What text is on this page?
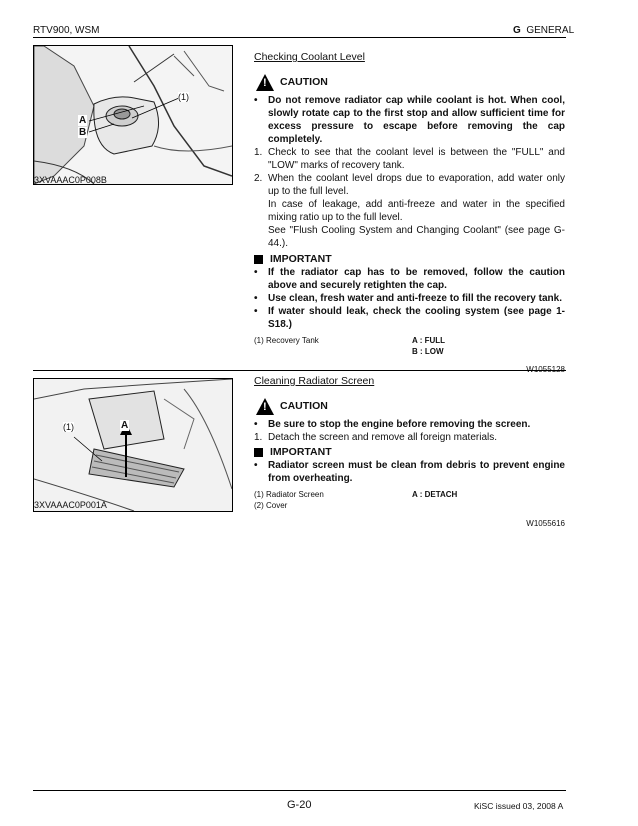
RTV900, WSM	G GENERAL
(1)
A
B
3XVAAAC0P008B
Checking Coolant Level
! CAUTION
• Do not remove radiator cap while coolant is hot. When cool, slowly rotate cap to the first stop and allow sufficient time for excess pressure to escape before removing the cap completely.
1. Check to see that the coolant level is between the "FULL" and "LOW" marks of recovery tank.
2. When the coolant level drops due to evaporation, add water only up to the full level.
In case of leakage, add anti-freeze and water in the specified mixing ratio up to the full level.
See "Flush Cooling System and Changing Coolant" (see page G-44.).
IMPORTANT
• If the radiator cap has to be removed, follow the caution above and securely retighten the cap.
• Use clean, fresh water and anti-freeze to fill the recovery tank.
• If water should leak, check the cooling system (see page 1-S18.)
(1) Recovery Tank	A : FULL
B : LOW
(1)	A
3XVAAAC0P001A
Cleaning Radiator Screen
! CAUTION
• Be sure to stop the engine before removing the screen.
1. Detach the screen and remove all foreign materials.
IMPORTANT
• Radiator screen must be clean from debris to prevent engine from overheating.
(1) Radiator Screen	A : DETACH
(2) Cover
W1055616
G-20	KiSC issued 03, 2008 A
